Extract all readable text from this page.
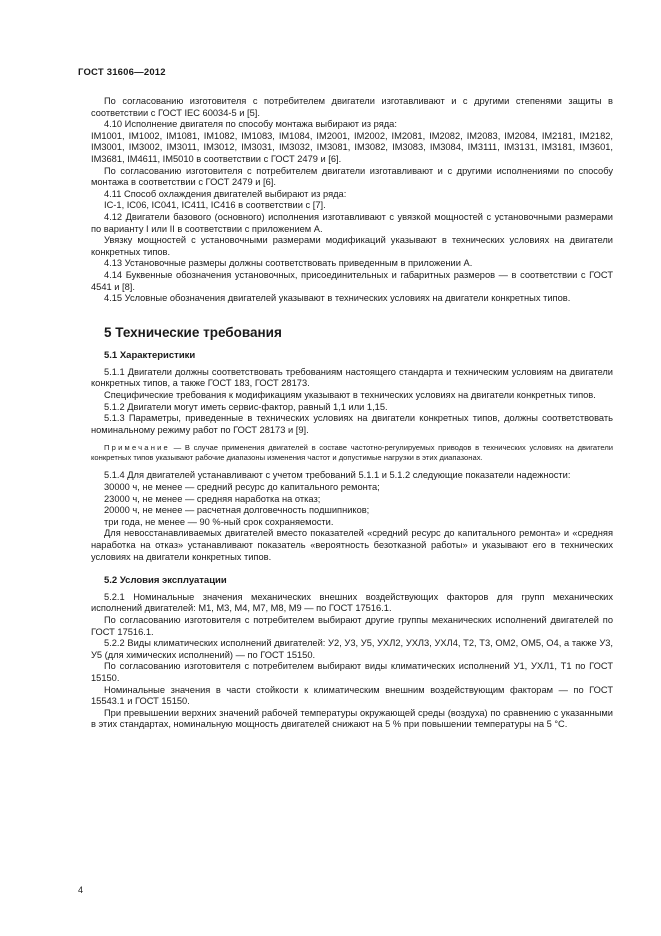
ГОСТ 31606—2012

По согласованию изготовителя с потребителем двигатели изготавливают и с другими степенями защиты в соответствии с ГОСТ IEC 60034-5 и [5].

4.10 Исполнение двигателя по способу монтажа выбирают из ряда:

IM1001, IM1002, IM1081, IM1082, IM1083, IM1084, IM2001, IM2002, IM2081, IM2082, IM2083, IM2084, IM2181, IM2182, IM3001, IM3002, IM3011, IM3012, IM3031, IM3032, IM3081, IM3082, IM3083, IM3084, IM3111, IM3131, IM3181, IM3601, IM3681, IM4611, IM5010 в соответствии с ГОСТ 2479 и [6].

По согласованию изготовителя с потребителем двигатели изготавливают и с другими исполнениями по способу монтажа в соответствии с ГОСТ 2479 и [6].

4.11 Способ охлаждения двигателей выбирают из ряда:

IC-1, IC06, IC041, IC411, IC416 в соответствии с [7].

4.12 Двигатели базового (основного) исполнения изготавливают с увязкой мощностей с установочными размерами по варианту I или II в соответствии с приложением А.

Увязку мощностей с установочными размерами модификаций указывают в технических условиях на двигатели конкретных типов.

4.13 Установочные размеры должны соответствовать приведенным в приложении А.

4.14 Буквенные обозначения установочных, присоединительных и габаритных размеров — в соответствии с ГОСТ 4541 и [8].

4.15 Условные обозначения двигателей указывают в технических условиях на двигатели конкретных типов.

5 Технические требования
5.1 Характеристики

5.1.1 Двигатели должны соответствовать требованиям настоящего стандарта и техническим условиям на двигатели конкретных типов, а также ГОСТ 183, ГОСТ 28173.

Специфические требования к модификациям указывают в технических условиях на двигатели конкретных типов.

5.1.2 Двигатели могут иметь сервис-фактор, равный 1,1 или 1,15.

5.1.3 Параметры, приведенные в технических условиях на двигатели конкретных типов, должны соответствовать номинальному режиму работ по ГОСТ 28173 и [9].

Примечание — В случае применения двигателей в составе частотно-регулируемых приводов в технических условиях на двигатели конкретных типов указывают рабочие диапазоны изменения частот и допустимые нагрузки в этих диапазонах.

5.1.4 Для двигателей устанавливают с учетом требований 5.1.1 и 5.1.2 следующие показатели надежности:

30000 ч, не менее — средний ресурс до капитального ремонта;
23000 ч, не менее — средняя наработка на отказ;
20000 ч, не менее — расчетная долговечность подшипников;
три года, не менее — 90 %-ный срок сохраняемости.

Для невосстанавливаемых двигателей вместо показателей «средний ресурс до капитального ремонта» и «средняя наработка на отказ» устанавливают показатель «вероятность безотказной работы» и указывают его в технических условиях на двигатели конкретных типов.

5.2 Условия эксплуатации

5.2.1 Номинальные значения механических внешних воздействующих факторов для групп механических исполнений двигателей: М1, М3, М4, М7, М8, М9 — по ГОСТ 17516.1.

По согласованию изготовителя с потребителем выбирают другие группы механических исполнений двигателей по ГОСТ 17516.1.

5.2.2 Виды климатических исполнений двигателей: У2, У3, У5, УХЛ2, УХЛ3, УХЛ4, Т2, Т3, ОМ2, ОМ5, О4, а также У3, У5 (для химических исполнений) — по ГОСТ 15150.

По согласованию изготовителя с потребителем выбирают виды климатических исполнений У1, УХЛ1, Т1 по ГОСТ 15150.

Номинальные значения в части стойкости к климатическим внешним воздействующим факторам — по ГОСТ 15543.1 и ГОСТ 15150.

При превышении верхних значений рабочей температуры окружающей среды (воздуха) по сравнению с указанными в этих стандартах, номинальную мощность двигателей снижают на 5 % при повышении температуры на 5 °С.

4
